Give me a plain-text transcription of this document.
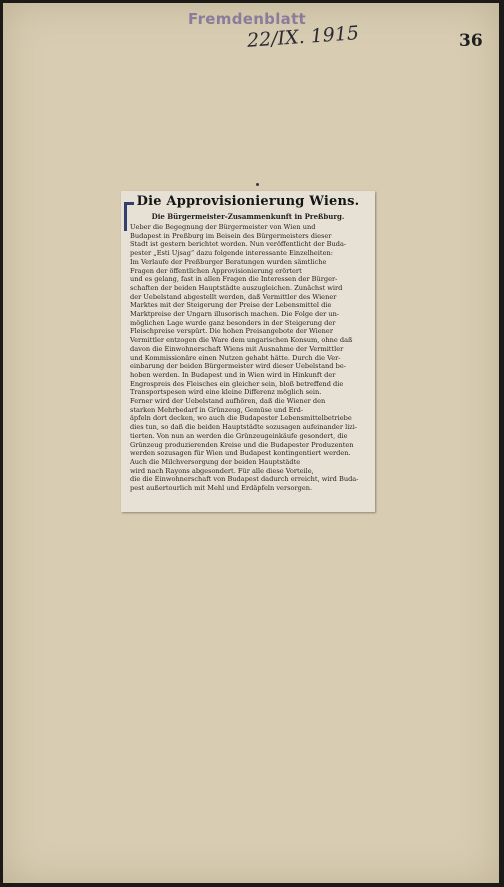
Fremdenblatt
22/IX. 1915	36
Die Approvisionierung Wiens.
Die Bürgermeister-Zusammenkunft in Preßburg.

Ueber die Begegnung der Bürgermeister von Wien und

Budapest in Preßburg im Beisein des Bürgermeisters dieser

Stadt ist gestern berichtet worden. Nun veröffentlicht der Buda-

pester „Esti Ujsag“ dazu folgende interessante Einzelheiten:

Im Verlaufe der Preßburger Beratungen wurden sämtliche

Fragen der öffentlichen Approvisionierung erörtert

und es gelang, fast in allen Fragen die Interessen der Bürger-

schaften der beiden Hauptstädte auszugleichen. Zunächst wird

der Uebelstand abgestellt werden, daß Vermittler des Wiener

Marktes mit der Steigerung der Preise der Lebensmittel die

Marktpreise der Ungarn illusorisch machen. Die Folge der un-

möglichen Lage wurde ganz besonders in der Steigerung der

Fleischpreise verspürt. Die hohen Preisangebote der Wiener

Vermittler entzogen die Ware dem ungarischen Konsum, ohne daß

davon die Einwohnerschaft Wiens mit Ausnahme der Vermittler

und Kommissionäre einen Nutzen gehabt hätte. Durch die Ver-

einbarung der beiden Bürgermeister wird dieser Uebelstand be-

hoben werden. In Budapest und in Wien wird in Hinkunft der

Engrospreis des Fleisches ein gleicher sein, bloß betreffend die

Transportspesen wird eine kleine Differenz möglich sein.

Ferner wird der Uebelstand aufhören, daß die Wiener den

starken Mehrbedarf in Grünzeug, Gemüse und Erd-

äpfeln dort decken, wo auch die Budapester Lebensmittelbetriebe

dies tun, so daß die beiden Hauptstädte sozusagen aufeinander lizi-

tierten. Von nun an werden die Grünzeugeinkäufe gesondert, die

Grünzeug produzierenden Kreise und die Budapester Produzenten

werden sozusagen für Wien und Budapest kontingentiert werden.

Auch die Milchversorgung der beiden Hauptstädte

wird nach Rayons abgesondert. Für alle diese Vorteile,

die die Einwohnerschaft von Budapest dadurch erreicht, wird Buda-

pest außertourlich mit Mehl und Erdäpfeln versorgen.
